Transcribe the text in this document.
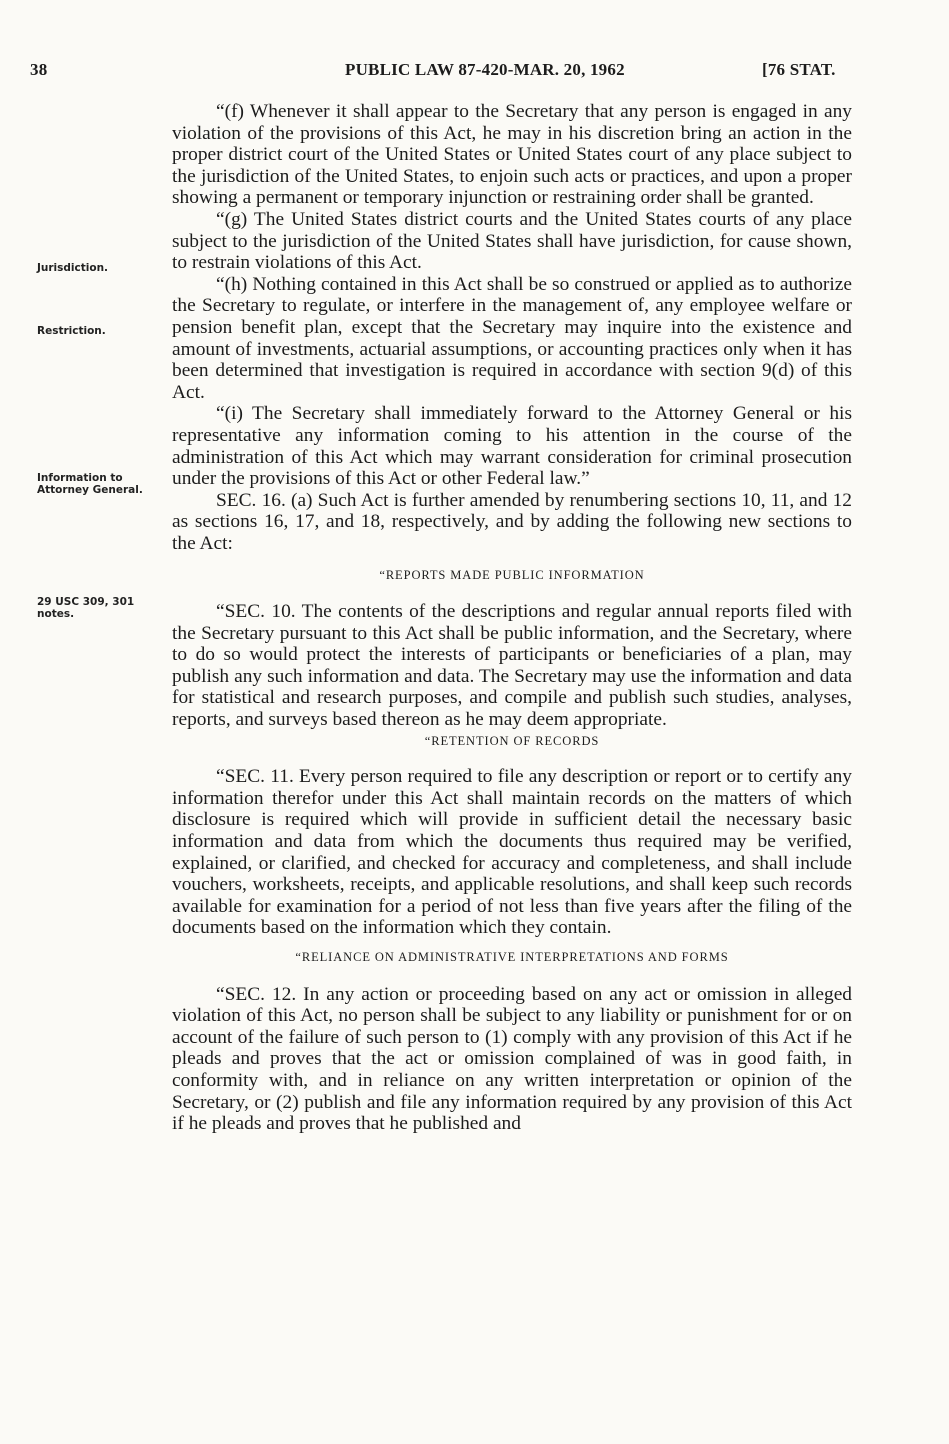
38	PUBLIC LAW 87-420-MAR. 20, 1962	[76 STAT.
Jurisdiction.
Restriction.
Information to
Attorney General.
29 USC 309, 301
notes.

“(f) Whenever it shall appear to the Secretary that any person is engaged in any violation of the provisions of this Act, he may in his discretion bring an action in the proper district court of the United States or United States court of any place subject to the jurisdiction of the United States, to enjoin such acts or practices, and upon a proper showing a permanent or temporary injunction or restraining order shall be granted.

“(g) The United States district courts and the United States courts of any place subject to the jurisdiction of the United States shall have jurisdiction, for cause shown, to restrain violations of this Act.

“(h) Nothing contained in this Act shall be so construed or applied as to authorize the Secretary to regulate, or interfere in the management of, any employee welfare or pension benefit plan, except that the Secretary may inquire into the existence and amount of investments, actuarial assumptions, or accounting practices only when it has been determined that investigation is required in accordance with section 9(d) of this Act.

“(i) The Secretary shall immediately forward to the Attorney General or his representative any information coming to his attention in the course of the administration of this Act which may warrant consideration for criminal prosecution under the provisions of this Act or other Federal law.”

SEC. 16. (a) Such Act is further amended by renumbering sections 10, 11, and 12 as sections 16, 17, and 18, respectively, and by adding the following new sections to the Act:

“REPORTS MADE PUBLIC INFORMATION

“SEC. 10. The contents of the descriptions and regular annual reports filed with the Secretary pursuant to this Act shall be public information, and the Secretary, where to do so would protect the interests of participants or beneficiaries of a plan, may publish any such information and data. The Secretary may use the information and data for statistical and research purposes, and compile and publish such studies, analyses, reports, and surveys based thereon as he may deem appropriate.

“RETENTION OF RECORDS

“SEC. 11. Every person required to file any description or report or to certify any information therefor under this Act shall maintain records on the matters of which disclosure is required which will provide in sufficient detail the necessary basic information and data from which the documents thus required may be verified, explained, or clarified, and checked for accuracy and completeness, and shall include vouchers, worksheets, receipts, and applicable resolutions, and shall keep such records available for examination for a period of not less than five years after the filing of the documents based on the information which they contain.

“RELIANCE ON ADMINISTRATIVE INTERPRETATIONS AND FORMS

“SEC. 12. In any action or proceeding based on any act or omission in alleged violation of this Act, no person shall be subject to any liability or punishment for or on account of the failure of such person to (1) comply with any provision of this Act if he pleads and proves that the act or omission complained of was in good faith, in conformity with, and in reliance on any written interpretation or opinion of the Secretary, or (2) publish and file any information required by any provision of this Act if he pleads and proves that he published and
